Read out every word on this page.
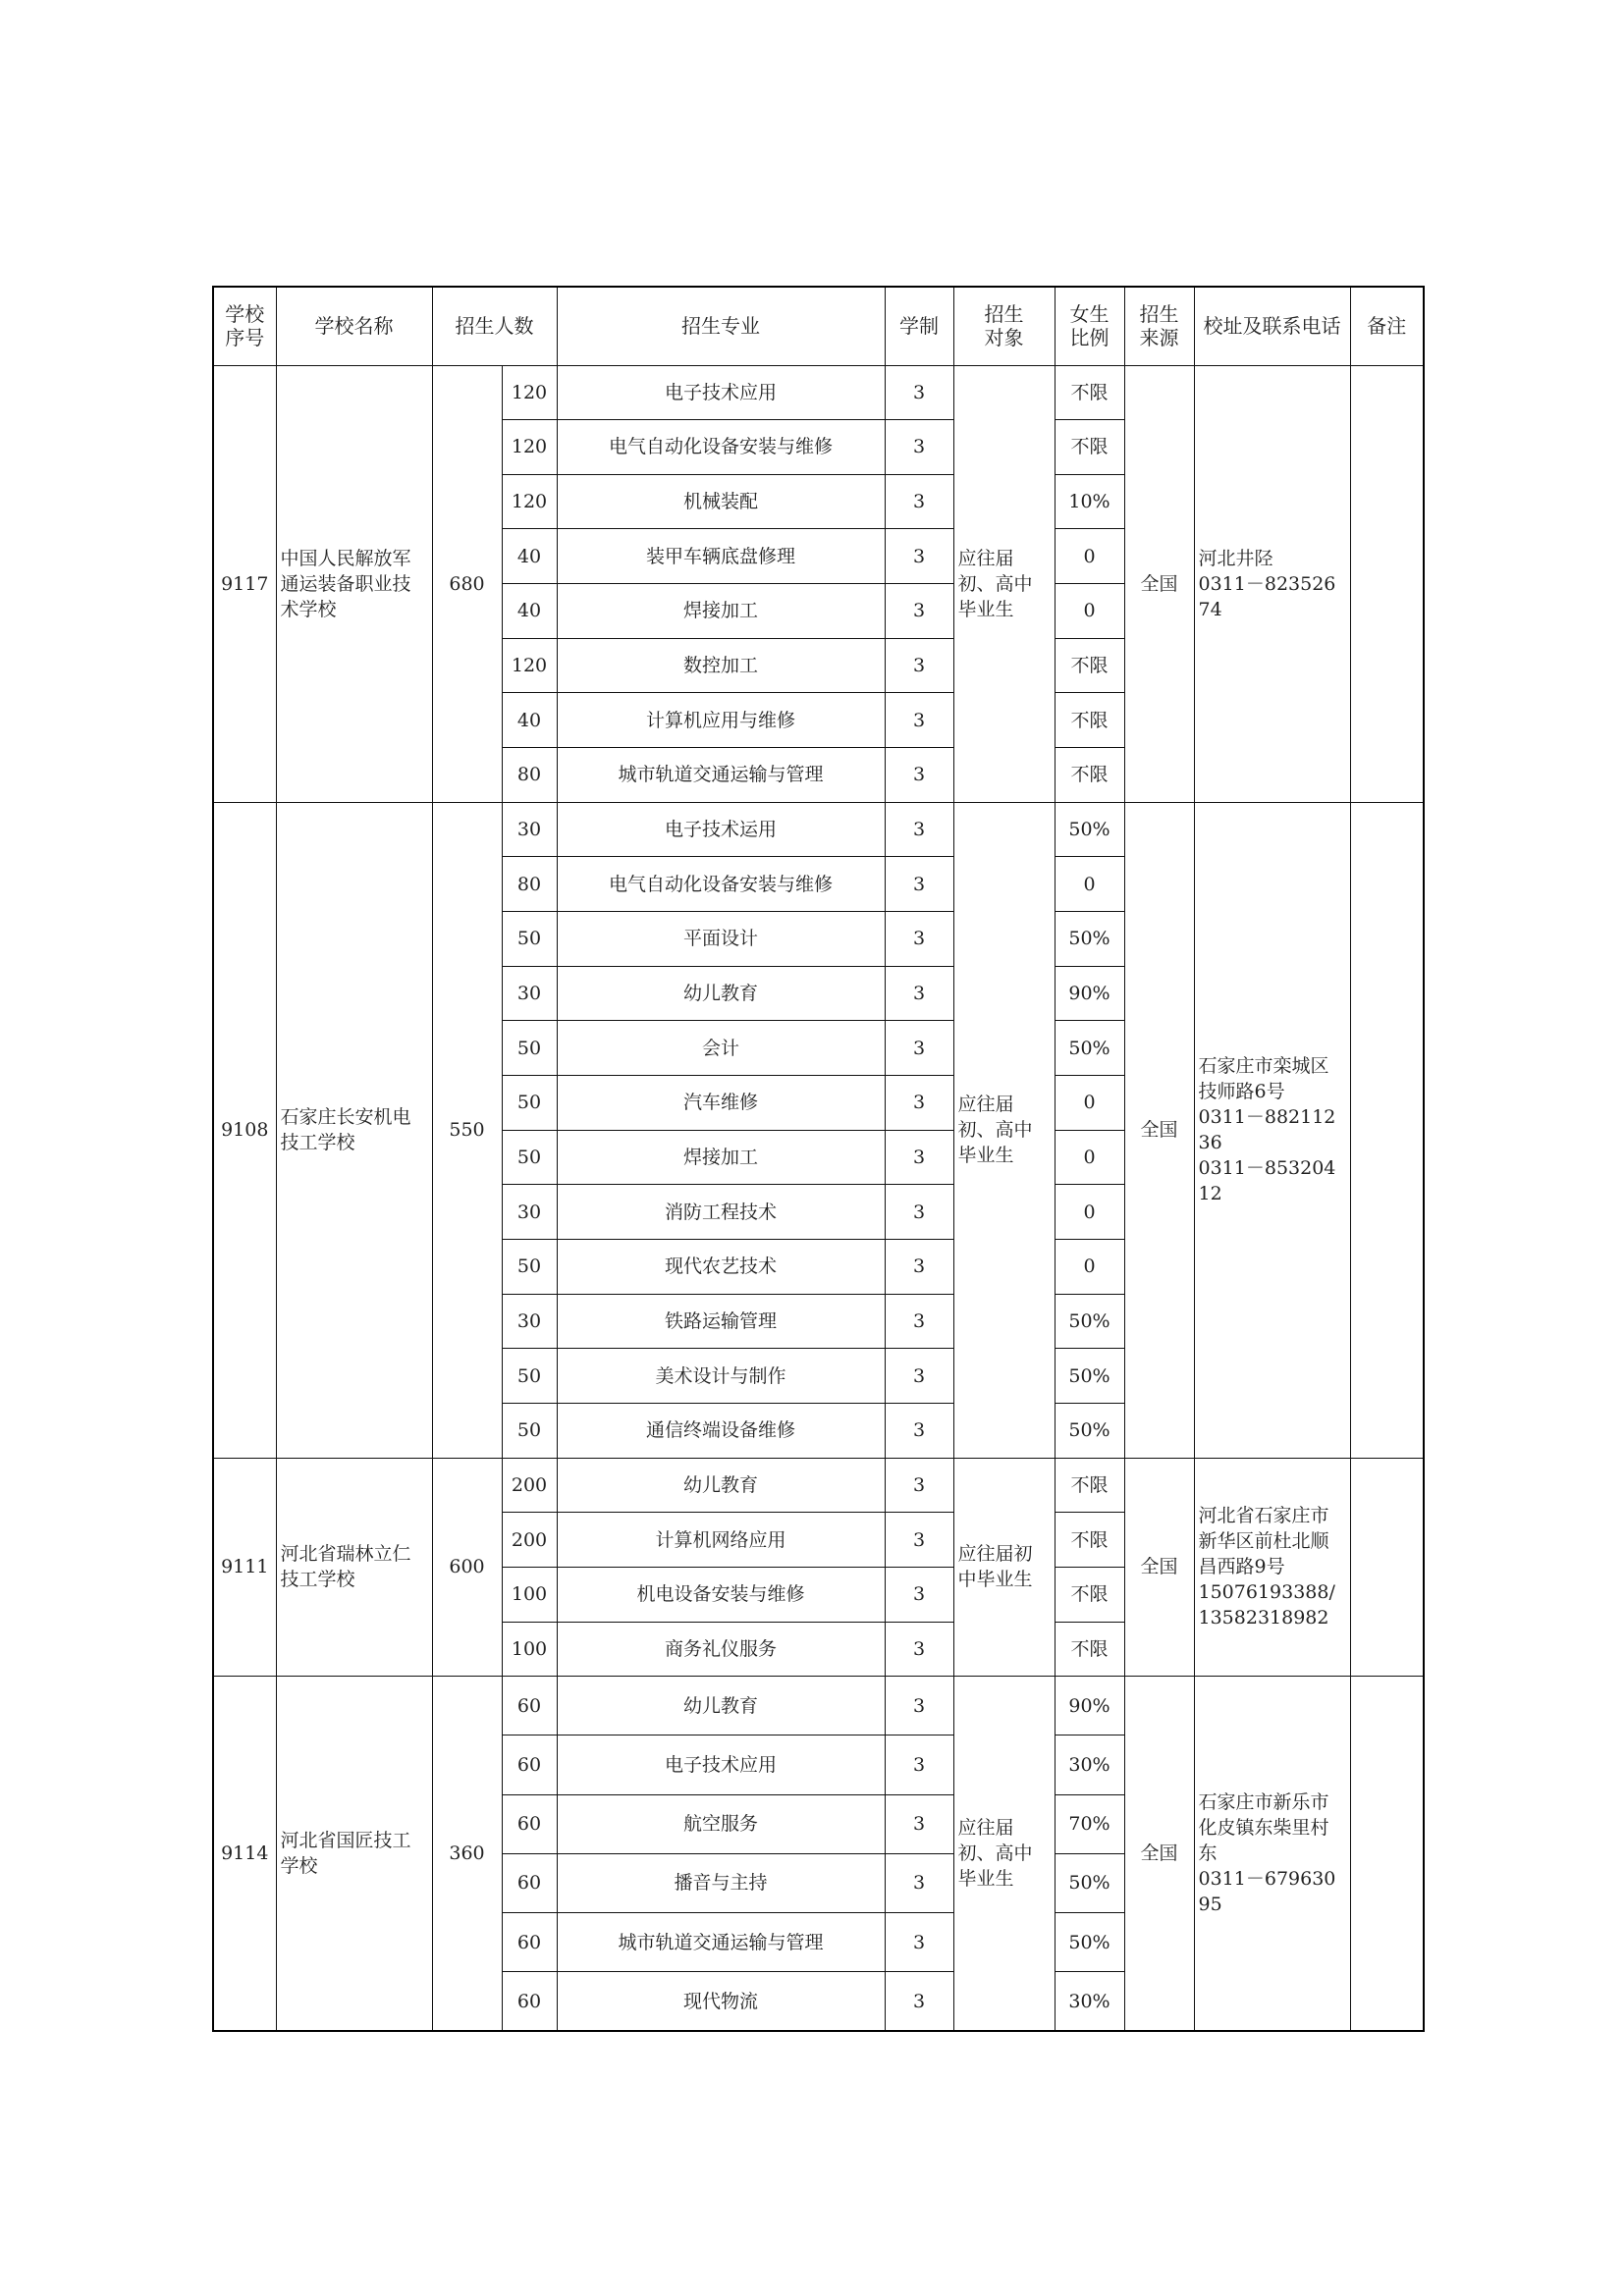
学校序号	学校名称	招生人数		招生专业	学制	招生对象	女生比例	招生来源	校址及联系电话	备注
9117	中国人民解放军通运装备职业技术学校	680	120	电子技术应用	3	应往届初、高中毕业生	不限	全国	河北井陉
0311－82352674	

			120	电气自动化设备安装与维修	3		不限			
			120	机械装配	3		10%			
			40	装甲车辆底盘修理	3		0			
			40	焊接加工	3		0			
			120	数控加工	3		不限			
			40	计算机应用与维修	3		不限			
			80	城市轨道交通运输与管理	3		不限			
9108	石家庄长安机电技工学校	550	30	电子技术运用	3	应往届初、高中毕业生	50%	全国	石家庄市栾城区技师路6号
0311－88211236
0311－85320412	

			80	电气自动化设备安装与维修	3		0			
			50	平面设计	3		50%			
			30	幼儿教育	3		90%			
			50	会计	3		50%			
			50	汽车维修	3		0			
			50	焊接加工	3		0			
			30	消防工程技术	3		0			
			50	现代农艺技术	3		0			
			30	铁路运输管理	3		50%			
			50	美术设计与制作	3		50%			
			50	通信终端设备维修	3		50%			
9111	河北省瑞林立仁技工学校	600	200	幼儿教育	3	应往届初中毕业生	不限	全国	河北省石家庄市新华区前杜北顺昌西路9号
15076193388/
13582318982	

			200	计算机网络应用	3		不限			
			100	机电设备安装与维修	3		不限			
			100	商务礼仪服务	3		不限			
9114	河北省国匠技工学校	360	60	幼儿教育	3	应往届初、高中毕业生	90%	全国	石家庄市新乐市化皮镇东柴里村东
0311－67963095	

			60	电子技术应用	3		30%			
			60	航空服务	3		70%			
			60	播音与主持	3		50%			
			60	城市轨道交通运输与管理	3		50%			
			60	现代物流	3		30%			
